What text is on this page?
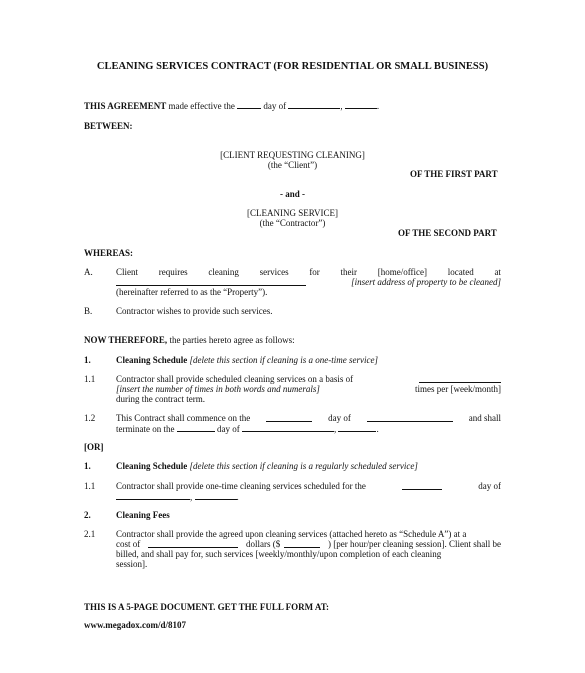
CLEANING SERVICES CONTRACT (FOR RESIDENTIAL OR SMALL BUSINESS)
THIS AGREEMENT made effective the	day of	,	.
BETWEEN:
[CLIENT REQUESTING CLEANING]
(the “Client”)
OF THE FIRST PART
- and -
[CLEANING SERVICE]
(the “Contractor”)
OF THE SECOND PART
WHEREAS:
A.	Client requires cleaning services for their [home/office] located at
[insert address of property to be cleaned]
(hereinafter referred to as the “Property”).
B.	Contractor wishes to provide such services.
NOW THEREFORE, the parties hereto agree as follows:
1.	Cleaning Schedule [delete this section if cleaning is a one-time service]
1.1 Contractor shall provide scheduled cleaning services on a basis of
[insert the number of times in both words and numerals]	times per [week/month]
during the contract term.
1.2 This Contract shall commence on the	day of	and shall
terminate on the	day of	,	.
[OR]
1.	Cleaning Schedule [delete this section if cleaning is a regularly scheduled service]
1.1 Contractor shall provide one-time cleaning services scheduled for the	day of
,	.
2.	Cleaning Fees
2.1 Contractor shall provide the agreed upon cleaning services (attached hereto as “Schedule A”) at a
cost of	dollars ($	) [per hour/per cleaning session]. Client shall be
billed, and shall pay for, such services [weekly/monthly/upon completion of each cleaning
session].
THIS IS A 5-PAGE DOCUMENT. GET THE FULL FORM AT:
www.megadox.com/d/8107
